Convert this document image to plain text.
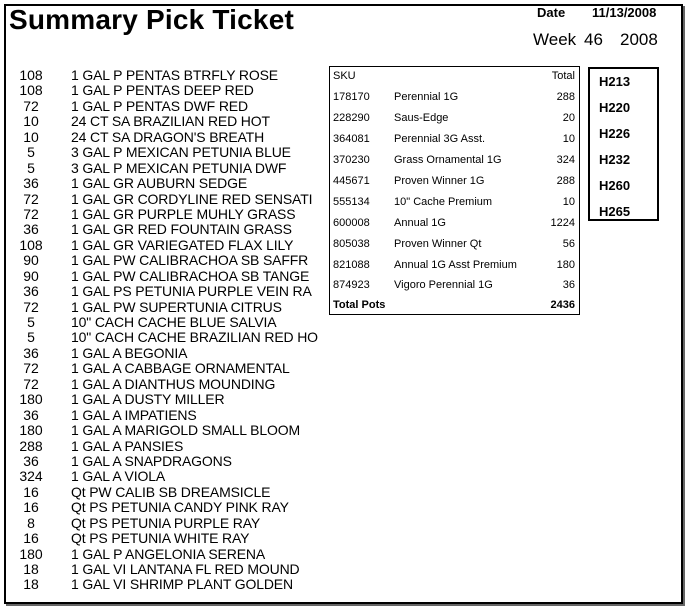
Summary Pick Ticket	Date 11/13/2008
Week 46 2008
108 1 GAL P PENTAS BTRFLY ROSE
108 1 GAL P PENTAS DEEP RED
72 1 GAL P PENTAS DWF RED
10 24 CT SA BRAZILIAN RED HOT
10 24 CT SA DRAGON'S BREATH
5	3 GAL P MEXICAN PETUNIA BLUE
5	3 GAL P MEXICAN PETUNIA DWF
36 1 GAL GR AUBURN SEDGE
72 1 GAL GR CORDYLINE RED SENSATI
72 1 GAL GR PURPLE MUHLY GRASS
36 1 GAL GR RED FOUNTAIN GRASS
108 1 GAL GR VARIEGATED FLAX LILY
90 1 GAL PW CALIBRACHOA SB SAFFR
90 1 GAL PW CALIBRACHOA SB TANGE
36 1 GAL PS PETUNIA PURPLE VEIN RA
72 1 GAL PW SUPERTUNIA CITRUS
5	10" CACH CACHE BLUE SALVIA
5	10" CACH CACHE BRAZILIAN RED HO
36 1 GAL A BEGONIA
72 1 GAL A CABBAGE ORNAMENTAL
72 1 GAL A DIANTHUS MOUNDING
180 1 GAL A DUSTY MILLER
36 1 GAL A IMPATIENS
180 1 GAL A MARIGOLD SMALL BLOOM
288 1 GAL A PANSIES
36 1 GAL A SNAPDRAGONS
324 1 GAL A VIOLA
16 Qt PW CALIB SB DREAMSICLE
16 Qt PS PETUNIA CANDY PINK RAY
8	Qt PS PETUNIA PURPLE RAY
16 Qt PS PETUNIA WHITE RAY
180 1 GAL P ANGELONIA SERENA
18 1 GAL VI LANTANA FL RED MOUND
18 1 GAL VI SHRIMP PLANT GOLDEN
SKU	Total
Total Pots	2436
178170 Perennial 1G	288
228290 Saus-Edge	20
364081 Perennial 3G Asst.	10
370230 Grass Ornamental 1G	324
445671 Proven Winner 1G	288
555134 10" Cache Premium	10
600008 Annual 1G	1224
805038 Proven Winner Qt	56
821088 Annual 1G Asst Premium	180
874923 Vigoro Perennial 1G	36
H213
H220
H226
H232
H260
H265
